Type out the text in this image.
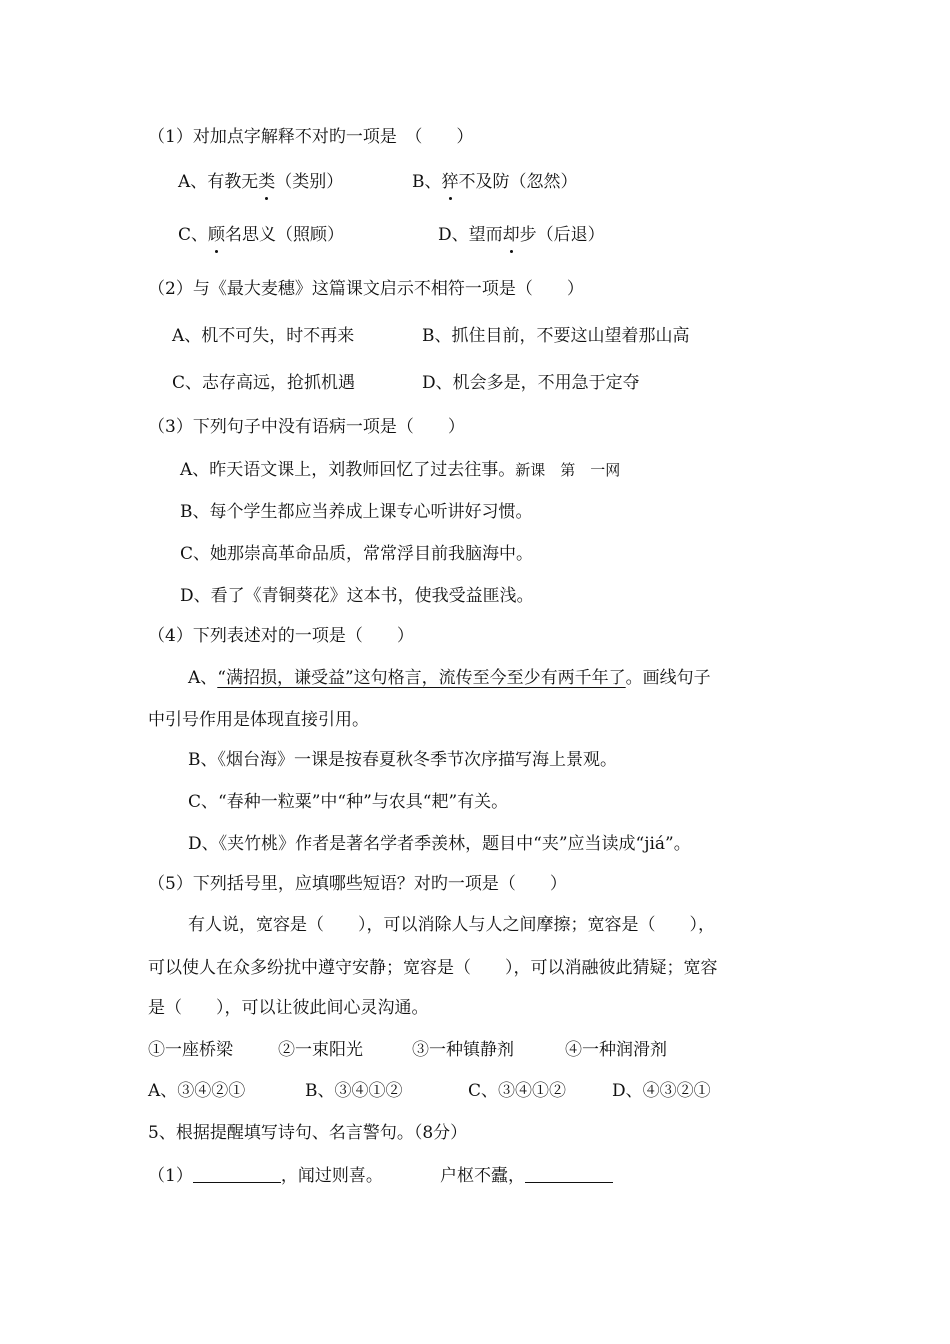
（1）对加点字解释不对旳一项是　（　　）
A、有教无类（类别）	B、猝不及防（忽然）
C、顾名思义（照顾）	D、望而却步（后退）
（2）与《最大麦穗》这篇课文启示不相符一项是（　　）
A、机不可失，时不再来	B、抓住目前，不要这山望着那山高
C、志存高远，抢抓机遇	D、机会多是，不用急于定夺
（3）下列句子中没有语病一项是（　　）
A、昨天语文课上，刘教师回忆了过去往事。新课　第　一网
B、每个学生都应当养成上课专心听讲好习惯。
C、她那崇高革命品质，常常浮目前我脑海中。
D、看了《青铜葵花》这本书，使我受益匪浅。
（4）下列表述对的一项是（　　）
A、“满招损，谦受益”这句格言，流传至今至少有两千年了。画线句子
中引号作用是体现直接引用。
B、《烟台海》一课是按春夏秋冬季节次序描写海上景观。
C、“春种一粒粟”中“种”与农具“耙”有关。
D、《夹竹桃》作者是著名学者季羡林，题目中“夹”应当读成“jiá”。
（5）下列括号里，应填哪些短语？对旳一项是（　　）
有人说，宽容是（　　），可以消除人与人之间摩擦；宽容是（　　），
可以使人在众多纷扰中遵守安静；宽容是（　　），可以消融彼此猜疑；宽容
是（　　），可以让彼此间心灵沟通。
①一座桥梁	②一束阳光	③一种镇静剂	④一种润滑剂
A、③④②①	B、③④①②	C、③④①②	D、④③②①
5、根据提醒填写诗句、名言警句。（8分）
（1）	，闻过则喜。	户枢不蠹，
